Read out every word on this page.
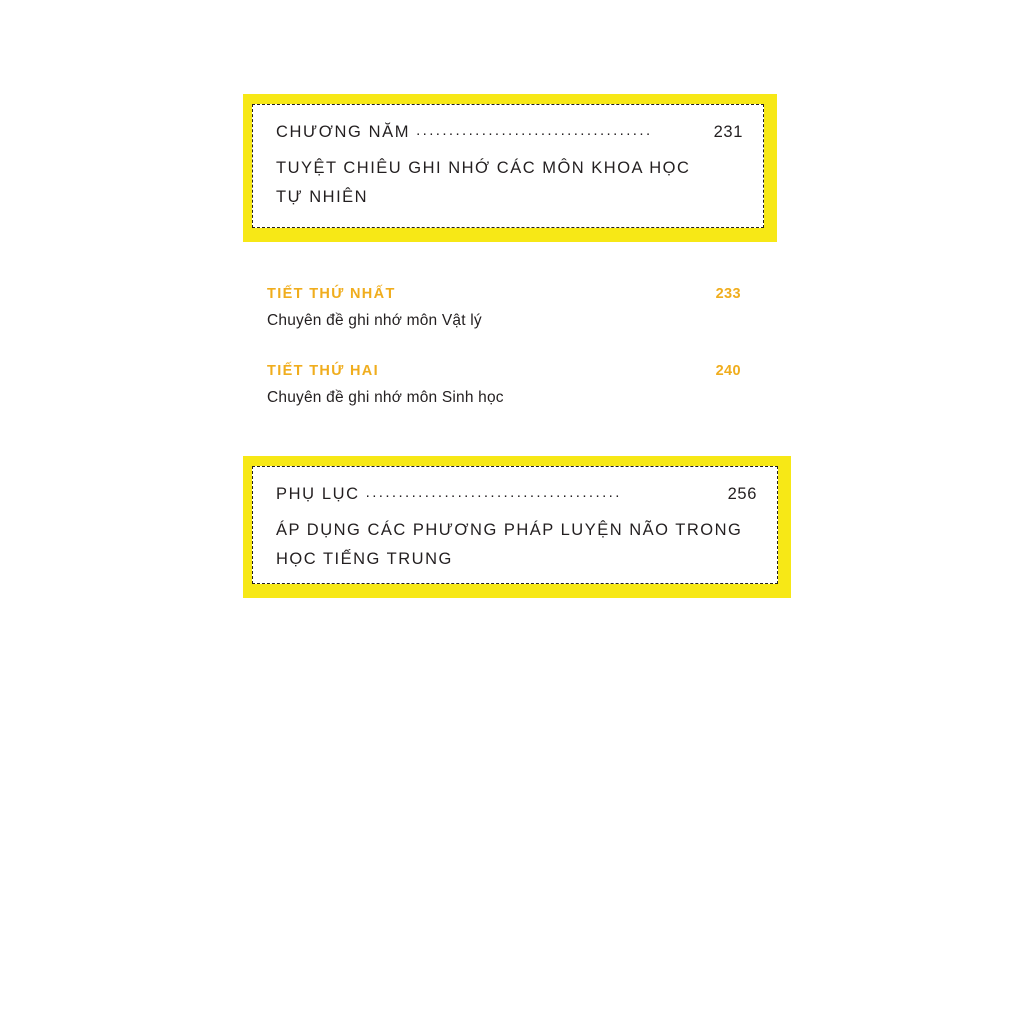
CHƯƠNG NĂM ....................................	231
TUYỆT CHIÊU GHI NHỚ CÁC MÔN KHOA HỌC TỰ NHIÊN
TIẾT THỨ NHẤT	233
Chuyên đề ghi nhớ môn Vật lý
TIẾT THỨ HAI	240
Chuyên đề ghi nhớ môn Sinh học
PHỤ LỤC .......................................	256
ÁP DỤNG CÁC PHƯƠNG PHÁP LUYỆN NÃO TRONG HỌC TIẾNG TRUNG
